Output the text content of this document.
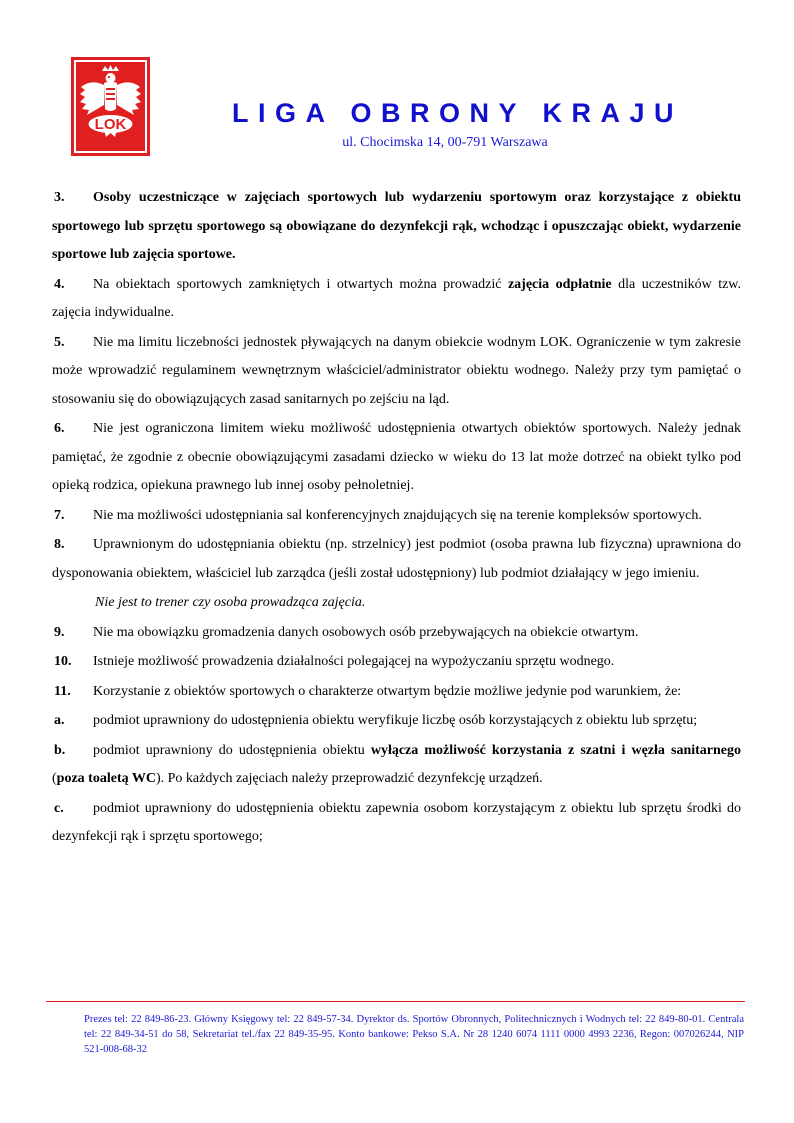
LOK	LIGA OBRONY KRAJU
ul. Chocimska 14, 00-791 Warszawa

3. Osoby uczestniczące w zajęciach sportowych lub wydarzeniu sportowym oraz korzystające z obiektu sportowego lub sprzętu sportowego są obowiązane do dezynfekcji rąk, wchodząc i opuszczając obiekt, wydarzenie sportowe lub zajęcia sportowe.

4. Na obiektach sportowych zamkniętych i otwartych można prowadzić zajęcia odpłatnie dla uczestników tzw. zajęcia indywidualne.

5. Nie ma limitu liczebności jednostek pływających na danym obiekcie wodnym LOK. Ograniczenie w tym zakresie może wprowadzić regulaminem wewnętrznym właściciel/administrator obiektu wodnego. Należy przy tym pamiętać o stosowaniu się do obowiązujących zasad sanitarnych po zejściu na ląd.

6. Nie jest ograniczona limitem wieku możliwość udostępnienia otwartych obiektów sportowych. Należy jednak pamiętać, że zgodnie z obecnie obowiązującymi zasadami dziecko w wieku do 13 lat może dotrzeć na obiekt tylko pod opieką rodzica, opiekuna prawnego lub innej osoby pełnoletniej.

7. Nie ma możliwości udostępniania sal konferencyjnych znajdujących się na terenie kompleksów sportowych.

8. Uprawnionym do udostępniania obiektu (np. strzelnicy) jest podmiot (osoba prawna lub fizyczna) uprawniona do dysponowania obiektem, właściciel lub zarządca (jeśli został udostępniony) lub podmiot działający w jego imieniu.

Nie jest to trener czy osoba prowadząca zajęcia.

9. Nie ma obowiązku gromadzenia danych osobowych osób przebywających na obiekcie otwartym.

10. Istnieje możliwość prowadzenia działalności polegającej na wypożyczaniu sprzętu wodnego.

11. Korzystanie z obiektów sportowych o charakterze otwartym będzie możliwe jedynie pod warunkiem, że:

a. podmiot uprawniony do udostępnienia obiektu weryfikuje liczbę osób korzystających z obiektu lub sprzętu;

b. podmiot uprawniony do udostępnienia obiektu wyłącza możliwość korzystania z szatni i węzła sanitarnego (poza toaletą WC). Po każdych zajęciach należy przeprowadzić dezynfekcję urządzeń.

c. podmiot uprawniony do udostępnienia obiektu zapewnia osobom korzystającym z obiektu lub sprzętu środki do dezynfekcji rąk i sprzętu sportowego;

Prezes tel: 22 849-86-23. Główny Księgowy tel: 22 849-57-34. Dyrektor ds. Sportów Obronnych, Politechnicznych i Wodnych tel: 22 849-80-01. Centrala tel: 22 849-34-51 do 58, Sekretariat tel./fax 22 849-35-95. Konto bankowe: Pekso S.A. Nr 28 1240 6074 1111 0000 4993 2236, Regon: 007026244, NIP 521-008-68-32
